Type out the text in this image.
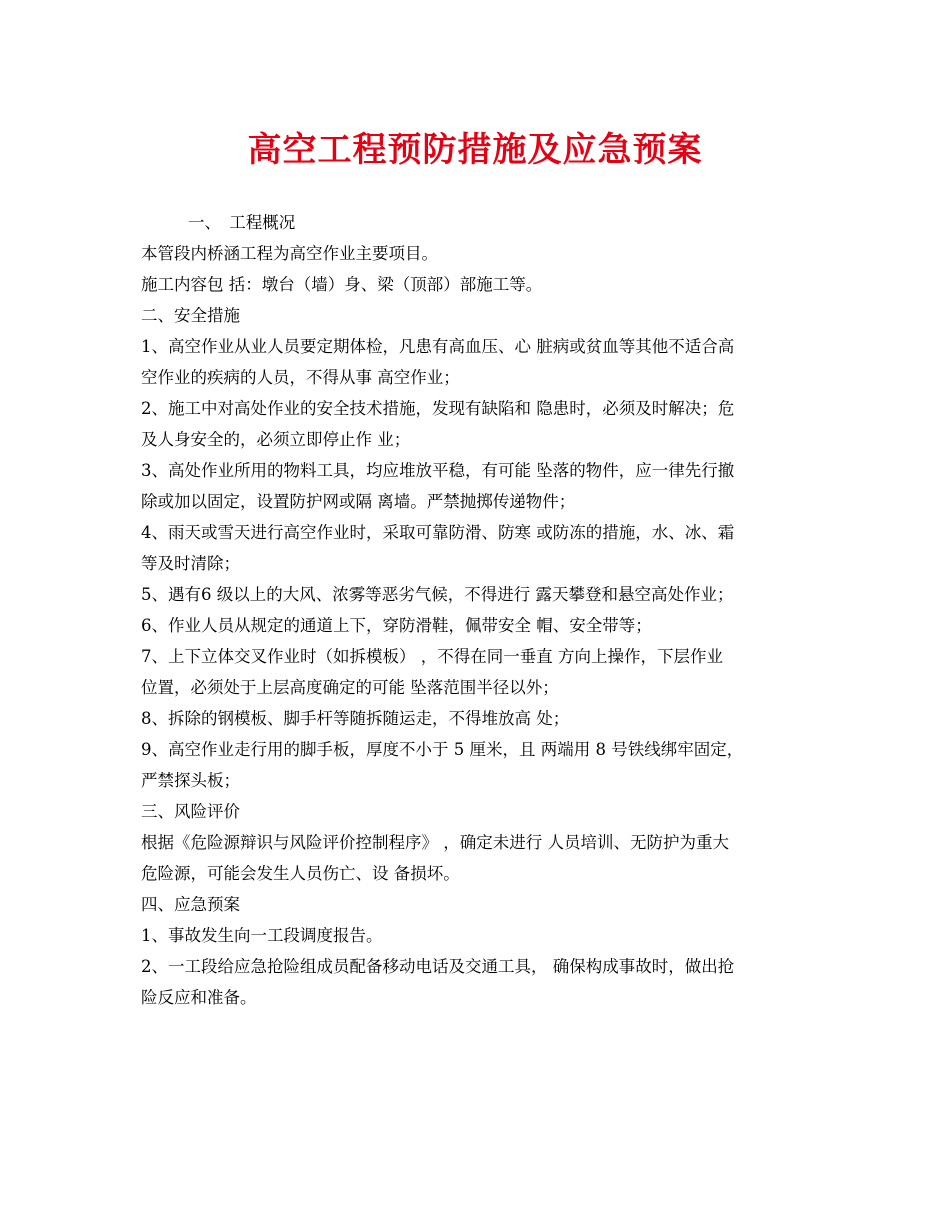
高空工程预防措施及应急预案

一、　工程概况

本管段内桥涵工程为高空作业主要项目。

施工内容包 括：墩台（墙）身、梁（顶部）部施工等。

二、安全措施

1、高空作业从业人员要定期体检，凡患有高血压、心 脏病或贫血等其他不适合高

空作业的疾病的人员，不得从事 高空作业；

2、施工中对高处作业的安全技术措施，发现有缺陷和 隐患时，必须及时解决；危

及人身安全的，必须立即停止作 业；

3、高处作业所用的物料工具，均应堆放平稳，有可能 坠落的物件，应一律先行撤

除或加以固定，设置防护网或隔 离墙。严禁抛掷传递物件；

4、雨天或雪天进行高空作业时，采取可靠防滑、防寒 或防冻的措施，水、冰、霜

等及时清除；

5、遇有6 级以上的大风、浓雾等恶劣气候，不得进行 露天攀登和悬空高处作业；

6、作业人员从规定的通道上下，穿防滑鞋，佩带安全 帽、安全带等；

7、上下立体交叉作业时（如拆模板） ，不得在同一垂直 方向上操作，下层作业

位置，必须处于上层高度确定的可能 坠落范围半径以外；

8、拆除的钢模板、脚手杆等随拆随运走，不得堆放高 处；

9、高空作业走行用的脚手板，厚度不小于 5 厘米，且 两端用 8 号铁线绑牢固定，

严禁探头板；

三、风险评价

根据《危险源辩识与风险评价控制程序》 ，确定未进行 人员培训、无防护为重大

危险源，可能会发生人员伤亡、设 备损坏。

四、应急预案

1、事故发生向一工段调度报告。

2、一工段给应急抢险组成员配备移动电话及交通工具， 确保构成事故时，做出抢

险反应和准备。
